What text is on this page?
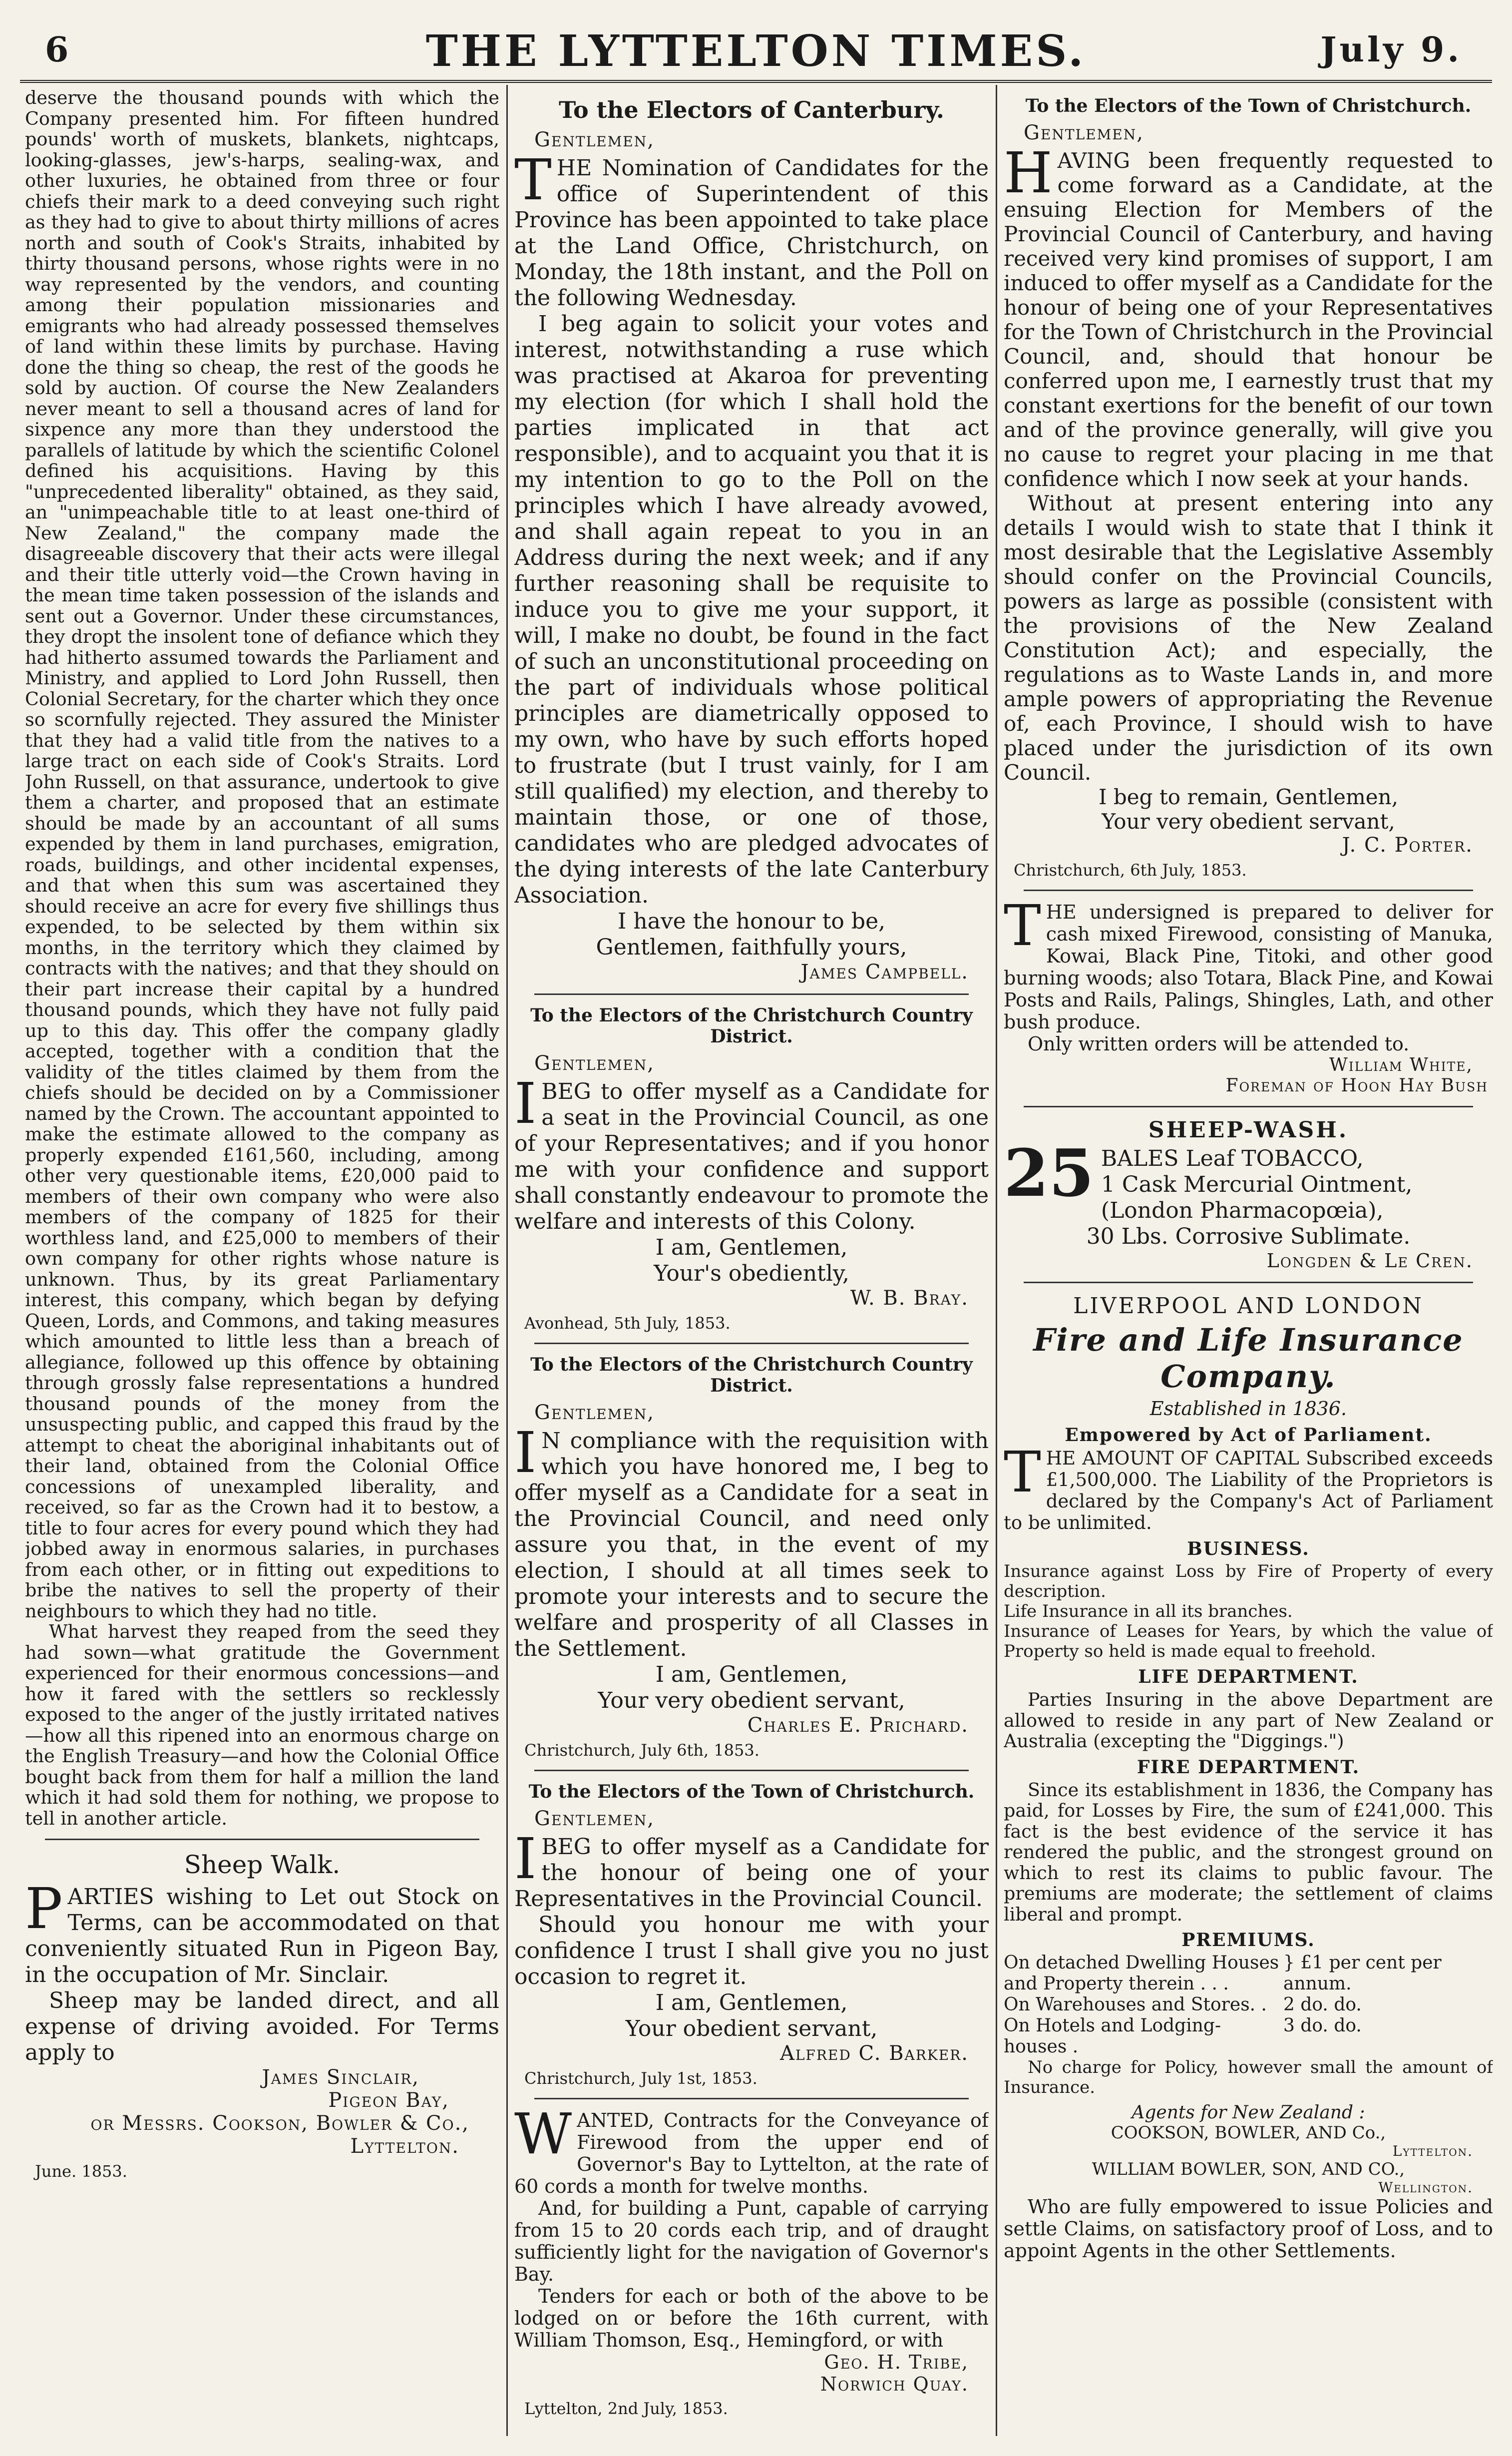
6	THE LYTTELTON TIMES.	July 9.

deserve the thousand pounds with which the Company presented him. For fifteen hundred pounds' worth of muskets, blankets, nightcaps, looking-glasses, jew's-harps, sealing-wax, and other luxuries, he obtained from three or four chiefs their mark to a deed conveying such right as they had to give to about thirty millions of acres north and south of Cook's Straits, inhabited by thirty thousand persons, whose rights were in no way represented by the vendors, and counting among their population missionaries and emigrants who had already possessed themselves of land within these limits by purchase. Having done the thing so cheap, the rest of the goods he sold by auction. Of course the New Zealanders never meant to sell a thousand acres of land for sixpence any more than they understood the parallels of latitude by which the scientific Colonel defined his acquisitions. Having by this "unprecedented liberality" obtained, as they said, an "unimpeachable title to at least one-third of New Zealand," the company made the disagreeable discovery that their acts were illegal and their title utterly void—the Crown having in the mean time taken possession of the islands and sent out a Governor. Under these circumstances, they dropt the insolent tone of defiance which they had hitherto assumed towards the Parliament and Ministry, and applied to Lord John Russell, then Colonial Secretary, for the charter which they once so scornfully rejected. They assured the Minister that they had a valid title from the natives to a large tract on each side of Cook's Straits. Lord John Russell, on that assurance, undertook to give them a charter, and proposed that an estimate should be made by an accountant of all sums expended by them in land purchases, emigration, roads, buildings, and other incidental expenses, and that when this sum was ascertained they should receive an acre for every five shillings thus expended, to be selected by them within six months, in the territory which they claimed by contracts with the natives; and that they should on their part increase their capital by a hundred thousand pounds, which they have not fully paid up to this day. This offer the company gladly accepted, together with a condition that the validity of the titles claimed by them from the chiefs should be decided on by a Commissioner named by the Crown. The accountant appointed to make the estimate allowed to the company as properly expended £161,560, including, among other very questionable items, £20,000 paid to members of their own company who were also members of the company of 1825 for their worthless land, and £25,000 to members of their own company for other rights whose nature is unknown. Thus, by its great Parliamentary interest, this company, which began by defying Queen, Lords, and Commons, and taking measures which amounted to little less than a breach of allegiance, followed up this offence by obtaining through grossly false representations a hundred thousand pounds of the money from the unsuspecting public, and capped this fraud by the attempt to cheat the aboriginal inhabitants out of their land, obtained from the Colonial Office concessions of unexampled liberality, and received, so far as the Crown had it to bestow, a title to four acres for every pound which they had jobbed away in enormous salaries, in purchases from each other, or in fitting out expeditions to bribe the natives to sell the property of their neighbours to which they had no title.

What harvest they reaped from the seed they had sown—what gratitude the Government experienced for their enormous concessions—and how it fared with the settlers so recklessly exposed to the anger of the justly irritated natives—how all this ripened into an enormous charge on the English Treasury—and how the Colonial Office bought back from them for half a million the land which it had sold them for nothing, we propose to tell in another article.

Sheep Walk.

PARTIES wishing to Let out Stock on Terms, can be accommodated on that conveniently situated Run in Pigeon Bay, in the occupation of Mr. Sinclair.

Sheep may be landed direct, and all expense of driving avoided. For Terms apply to

James Sinclair,
Pigeon Bay,
or Messrs. Cookson, Bowler & Co.,
Lyttelton.
June. 1853.
To the Electors of Canterbury.
Gentlemen,

THE Nomination of Candidates for the office of Superintendent of this Province has been appointed to take place at the Land Office, Christchurch, on Monday, the 18th instant, and the Poll on the following Wednesday.

I beg again to solicit your votes and interest, notwithstanding a ruse which was practised at Akaroa for preventing my election (for which I shall hold the parties implicated in that act responsible), and to acquaint you that it is my intention to go to the Poll on the principles which I have already avowed, and shall again repeat to you in an Address during the next week; and if any further reasoning shall be requisite to induce you to give me your support, it will, I make no doubt, be found in the fact of such an unconstitutional proceeding on the part of individuals whose political principles are diametrically opposed to my own, who have by such efforts hoped to frustrate (but I trust vainly, for I am still qualified) my election, and thereby to maintain those, or one of those, candidates who are pledged advocates of the dying interests of the late Canterbury Association.

I have the honour to be,
Gentlemen, faithfully yours,
James Campbell.
To the Electors of the Christchurch Country District.
Gentlemen,

IBEG to offer myself as a Candidate for a seat in the Provincial Council, as one of your Representatives; and if you honor me with your confidence and support shall constantly endeavour to promote the welfare and interests of this Colony.

I am, Gentlemen,
Your's obediently,
W. B. Bray.
Avonhead, 5th July, 1853.
To the Electors of the Christchurch Country District.
Gentlemen,

I N compliance with the requisition with which you have honored me, I beg to offer myself as a Candidate for a seat in the Provincial Council, and need only assure you that, in the event of my election, I should at all times seek to promote your interests and to secure the welfare and prosperity of all Classes in the Settlement.

I am, Gentlemen,
Your very obedient servant,
Charles E. Prichard.
Christchurch, July 6th, 1853.
To the Electors of the Town of Christchurch.
Gentlemen,

IBEG to offer myself as a Candidate for the honour of being one of your Representatives in the Provincial Council.

Should you honour me with your confidence I trust I shall give you no just occasion to regret it.

I am, Gentlemen,
Your obedient servant,
Alfred C. Barker.
Christchurch, July 1st, 1853.

WANTED, Contracts for the Conveyance of Firewood from the upper end of Governor's Bay to Lyttelton, at the rate of 60 cords a month for twelve months.

And, for building a Punt, capable of carrying from 15 to 20 cords each trip, and of draught sufficiently light for the navigation of Governor's Bay.

Tenders for each or both of the above to be lodged on or before the 16th current, with William Thomson, Esq., Hemingford, or with

Geo. H. Tribe,
Norwich Quay.
Lyttelton, 2nd July, 1853.
To the Electors of the Town of Christchurch.
Gentlemen,

HAVING been frequently requested to come forward as a Candidate, at the ensuing Election for Members of the Provincial Council of Canterbury, and having received very kind promises of support, I am induced to offer myself as a Candidate for the honour of being one of your Representatives for the Town of Christchurch in the Provincial Council, and, should that honour be conferred upon me, I earnestly trust that my constant exertions for the benefit of our town and of the province generally, will give you no cause to regret your placing in me that confidence which I now seek at your hands.

Without at present entering into any details I would wish to state that I think it most desirable that the Legislative Assembly should confer on the Provincial Councils, powers as large as possible (consistent with the provisions of the New Zealand Constitution Act); and especially, the regulations as to Waste Lands in, and more ample powers of appropriating the Revenue of, each Province, I should wish to have placed under the jurisdiction of its own Council.

I beg to remain, Gentlemen,
Your very obedient servant,
J. C. Porter.
Christchurch, 6th July, 1853.

THE undersigned is prepared to deliver for cash mixed Firewood, consisting of Manuka, Kowai, Black Pine, Titoki, and other good burning woods; also Totara, Black Pine, and Kowai Posts and Rails, Palings, Shingles, Lath, and other bush produce.

Only written orders will be attended to.

William White,
Foreman of Hoon Hay Bush
SHEEP-WASH.

25 BALES Leaf TOBACCO,
1 Cask Mercurial Ointment, (London Pharmacopœia),

30 Lbs. Corrosive Sublimate.

Longden & Le Cren.
LIVERPOOL AND LONDON
Fire and Life Insurance Company.
Established in 1836.
Empowered by Act of Parliament.

THE AMOUNT OF CAPITAL Subscribed exceeds £1,500,000. The Liability of the Proprietors is declared by the Company's Act of Parliament to be unlimited.

BUSINESS.

Insurance against Loss by Fire of Property of every description.

Life Insurance in all its branches.

Insurance of Leases for Years, by which the value of Property so held is made equal to freehold.

LIFE DEPARTMENT.

Parties Insuring in the above Department are allowed to reside in any part of New Zealand or Australia (excepting the "Diggings.")

FIRE DEPARTMENT.

Since its establishment in 1836, the Company has paid, for Losses by Fire, the sum of £241,000. This fact is the best evidence of the service it has rendered the public, and the strongest ground on which to rest its claims to public favour. The premiums are moderate; the settlement of claims liberal and prompt.

PREMIUMS.
On detached Dwelling Houses and Property therein . . .
} £1 per cent per annum.
On Warehouses and Stores. . 2 do. do.
On Hotels and Lodging-houses .
3 do. do.

No charge for Policy, however small the amount of Insurance.

Agents for New Zealand :
COOKSON, BOWLER, AND Co.,
Lyttelton.
WILLIAM BOWLER, SON, AND CO.,
Wellington.

Who are fully empowered to issue Policies and settle Claims, on satisfactory proof of Loss, and to appoint Agents in the other Settlements.
